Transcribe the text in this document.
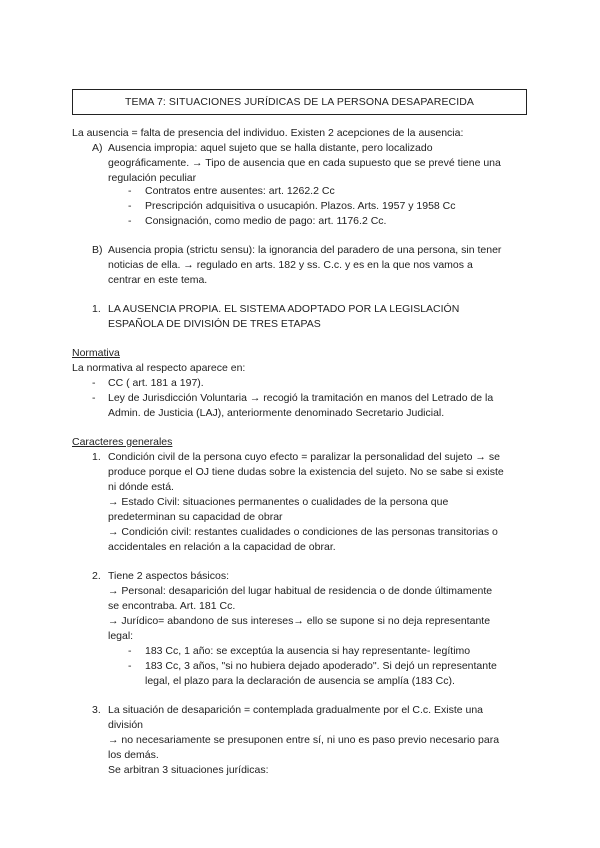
TEMA 7: SITUACIONES JURÍDICAS DE LA PERSONA DESAPARECIDA
La ausencia = falta de presencia del individuo. Existen 2 acepciones de la ausencia:
A) Ausencia impropia: aquel sujeto que se halla distante, pero localizado
geográficamente. → Tipo de ausencia que en cada supuesto que se prevé tiene una
regulación peculiar
- Contratos entre ausentes: art. 1262.2 Cc
- Prescripción adquisitiva o usucapión. Plazos. Arts. 1957 y 1958 Cc
- Consignación, como medio de pago: art. 1176.2 Cc.
B) Ausencia propia (strictu sensu): la ignorancia del paradero de una persona, sin tener
noticias de ella. → regulado en arts. 182 y ss. C.c. y es en la que nos vamos a
centrar en este tema.
1. LA AUSENCIA PROPIA. EL SISTEMA ADOPTADO POR LA LEGISLACIÓN
ESPAÑOLA DE DIVISIÓN DE TRES ETAPAS
Normativa
La normativa al respecto aparece en:
- CC ( art. 181 a 197).
- Ley de Jurisdicción Voluntaria → recogió la tramitación en manos del Letrado de la
Admin. de Justicia (LAJ), anteriormente denominado Secretario Judicial.
Caracteres generales
1. Condición civil de la persona cuyo efecto = paralizar la personalidad del sujeto → se
produce porque el OJ tiene dudas sobre la existencia del sujeto. No se sabe si existe
ni dónde está.
→ Estado Civil: situaciones permanentes o cualidades de la persona que
predeterminan su capacidad de obrar
→ Condición civil: restantes cualidades o condiciones de las personas transitorias o
accidentales en relación a la capacidad de obrar.
2. Tiene 2 aspectos básicos:
→ Personal: desaparición del lugar habitual de residencia o de donde últimamente
se encontraba. Art. 181 Cc.
→ Jurídico= abandono de sus intereses→ ello se supone si no deja representante
legal:
- 183 Cc, 1 año: se exceptúa la ausencia si hay representante- legítimo
- 183 Cc, 3 años, "si no hubiera dejado apoderado". Si dejó un representante
legal, el plazo para la declaración de ausencia se amplía (183 Cc).
3. La situación de desaparición = contemplada gradualmente por el C.c. Existe una
división
→ no necesariamente se presuponen entre sí, ni uno es paso previo necesario para
los demás.
Se arbitran 3 situaciones jurídicas:
